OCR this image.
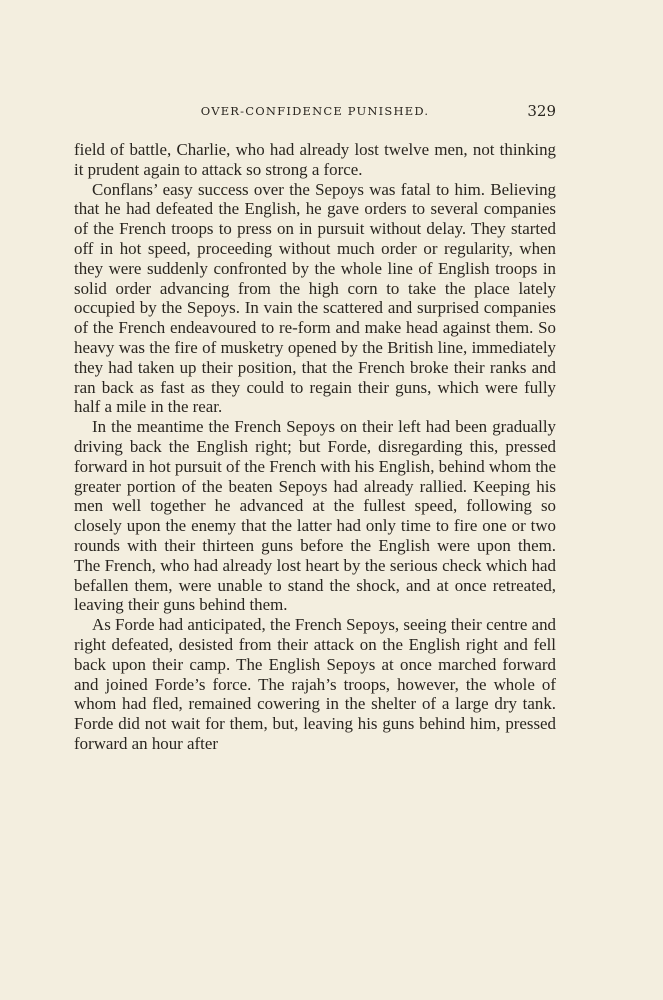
OVER-CONFIDENCE PUNISHED.	329

field of battle, Charlie, who had already lost twelve men, not thinking it prudent again to attack so strong a force.

Conflans’ easy success over the Sepoys was fatal to him. Believing that he had defeated the English, he gave orders to several companies of the French troops to press on in pursuit without delay. They started off in hot speed, proceeding without much order or regularity, when they were suddenly confronted by the whole line of English troops in solid order advancing from the high corn to take the place lately occupied by the Sepoys. In vain the scattered and surprised companies of the French endeavoured to re-form and make head against them. So heavy was the fire of musketry opened by the British line, immediately they had taken up their position, that the French broke their ranks and ran back as fast as they could to regain their guns, which were fully half a mile in the rear.

In the meantime the French Sepoys on their left had been gradually driving back the English right; but Forde, disregarding this, pressed forward in hot pursuit of the French with his English, behind whom the greater portion of the beaten Sepoys had already rallied. Keeping his men well together he advanced at the fullest speed, following so closely upon the enemy that the latter had only time to fire one or two rounds with their thirteen guns before the English were upon them. The French, who had already lost heart by the serious check which had befallen them, were unable to stand the shock, and at once retreated, leaving their guns behind them.

As Forde had anticipated, the French Sepoys, seeing their centre and right defeated, desisted from their attack on the English right and fell back upon their camp. The English Sepoys at once marched forward and joined Forde’s force. The rajah’s troops, however, the whole of whom had fled, remained cowering in the shelter of a large dry tank. Forde did not wait for them, but, leaving his guns behind him, pressed forward an hour after
